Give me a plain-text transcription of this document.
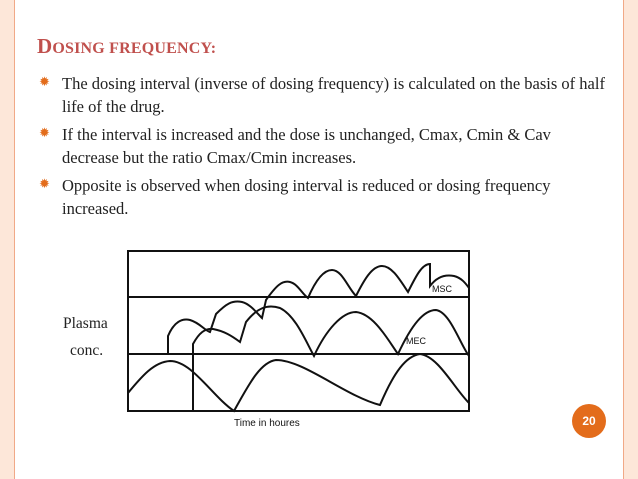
DOSING FREQUENCY:
✹ The dosing interval (inverse of dosing frequency) is calculated on the basis of half life of the drug.
✹ If the interval is increased and the dose is unchanged, Cmax, Cmin & Cav decrease but the ratio Cmax/Cmin increases.
✹ Opposite is observed when dosing interval is reduced or dosing frequency increased.
Plasma
conc.
MSC
MEC
Time in houres	20
